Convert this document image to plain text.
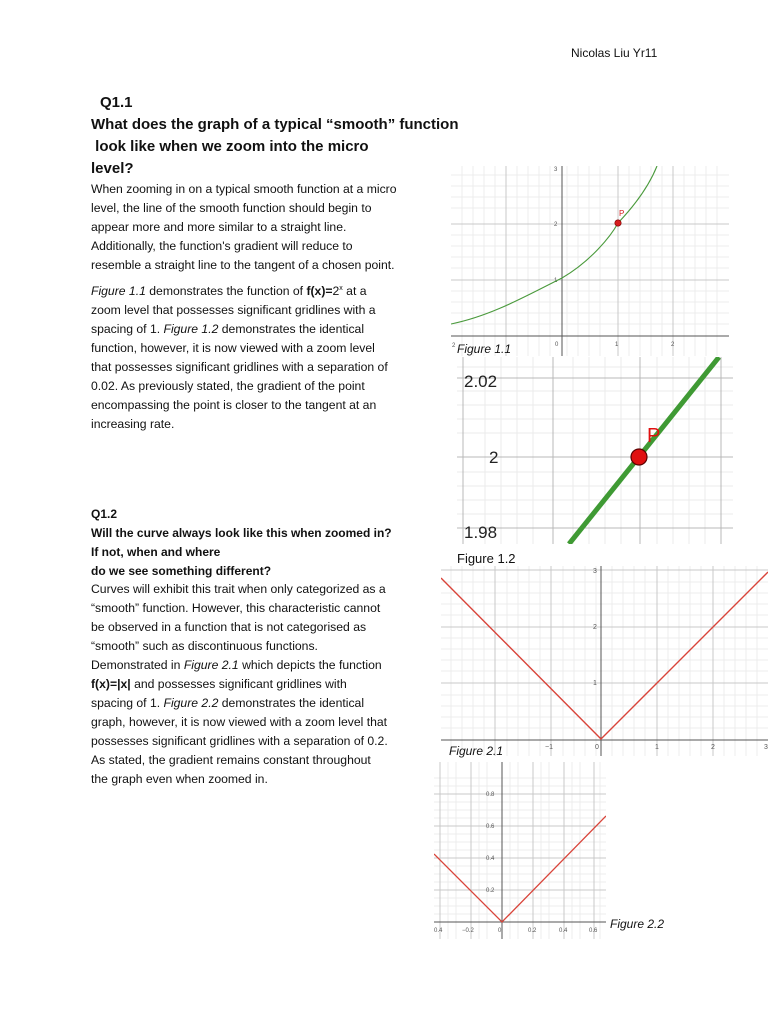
Nicolas Liu Yr11
Q1.1
What does the graph of a typical “smooth” function
look like when we zoom into the micro
level?
When zooming in on a typical smooth function at a micro
level, the line of the smooth function should begin to
appear more and more similar to a straight line.
Additionally, the function's gradient will reduce to
resemble a straight line to the tangent of a chosen point.
Figure 1.1 demonstrates the function of $f(x)=2^x$ at a
zoom level that possesses significant gridlines with a
spacing of 1. Figure 1.2 demonstrates the identical
function, however, it is now viewed with a zoom level
that possesses significant gridlines with a separation of
0.02. As previously stated, the gradient of the point
encompassing the point is closer to the tangent at an
increasing rate.
Q1.2
Will the curve always look like this when zoomed in?
If not, when and where
do we see something different?
Curves will exhibit this trait when only categorized as a
“smooth” function. However, this characteristic cannot
be observed in a function that is not categorised as
“smooth” such as discontinuous functions.
Demonstrated in Figure 2.1 which depicts the function
f(x)=|x| and possesses significant gridlines with
spacing of 1. Figure 2.2 demonstrates the identical
graph, however, it is now viewed with a zoom level that
possesses significant gridlines with a separation of 0.2.
As stated, the gradient remains constant throughout
the graph even when zoomed in.
3
2
1
0	1	2
2
P
Figure 1.1
2.02
2
1.98
P
Figure 1.2
3
2
1
−1	0	1	2	3
Figure 2.1
0.8
0.6
0.4
0.2
0.4	−0.2	0	0.2	0.4	0.6 Figure 2.2
